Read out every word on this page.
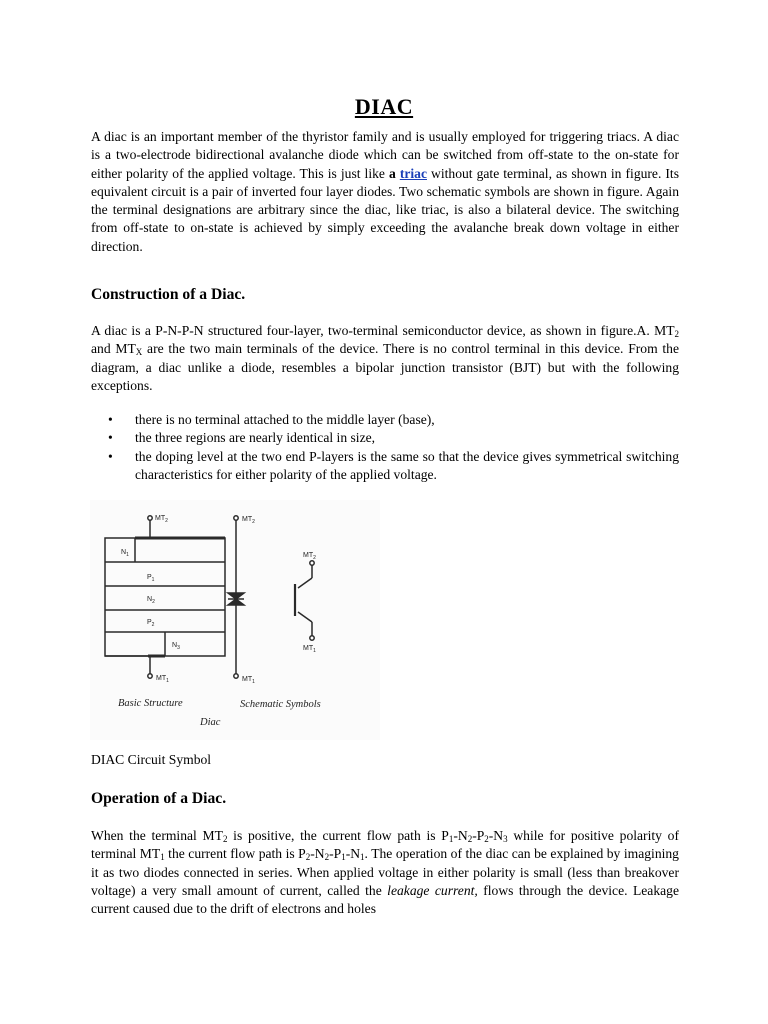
DIAC

A diac is an important member of the thyristor family and is usually employed for triggering triacs. A diac is a two-electrode bidirectional avalanche diode which can be switched from off-state to the on-state for either polarity of the applied voltage. This is just like a triac without gate terminal, as shown in figure. Its equivalent circuit is a pair of inverted four layer diodes. Two schematic symbols are shown in figure. Again the terminal designations are arbitrary since the diac, like triac, is also a bilateral device. The switching from off-state to on-state is achieved by simply exceeding the avalanche break down voltage in either direction.

Construction of a Diac.

A diac is a P-N-P-N structured four-layer, two-terminal semiconductor device, as shown in figure.A. $MT_2$ and $MT_X$ are the two main terminals of the device. There is no control terminal in this device. From the diagram, a diac unlike a diode, resembles a bipolar junction transistor (BJT) but with the following exceptions.

• there is no terminal attached to the middle layer (base),
• the three regions are nearly identical in size,
• the doping level at the two end P-layers is the same so that the device gives symmetrical switching characteristics for either polarity of the applied voltage.
$MT_2$
$N_1$
$P_1$
$N_2$
$P_2$
$N_3$
$MT_1$
$MT_2$
$MT_1$
$MT_2$
$MT_1$
Basic Structure	Schematic Symbols
Diac
DIAC Circuit Symbol
Operation of a Diac.

When the terminal $MT_2$ is positive, the current flow path is $P_1-N_2-P_2-N_3$ while for positive polarity of terminal $MT_1$ the current flow path is $P_2-N_2-P_1-N_1$. The operation of the diac can be explained by imagining it as two diodes connected in series. When applied voltage in either polarity is small (less than breakover voltage) a very small amount of current, called the leakage current, flows through the device. Leakage current caused due to the drift of electrons and holes
